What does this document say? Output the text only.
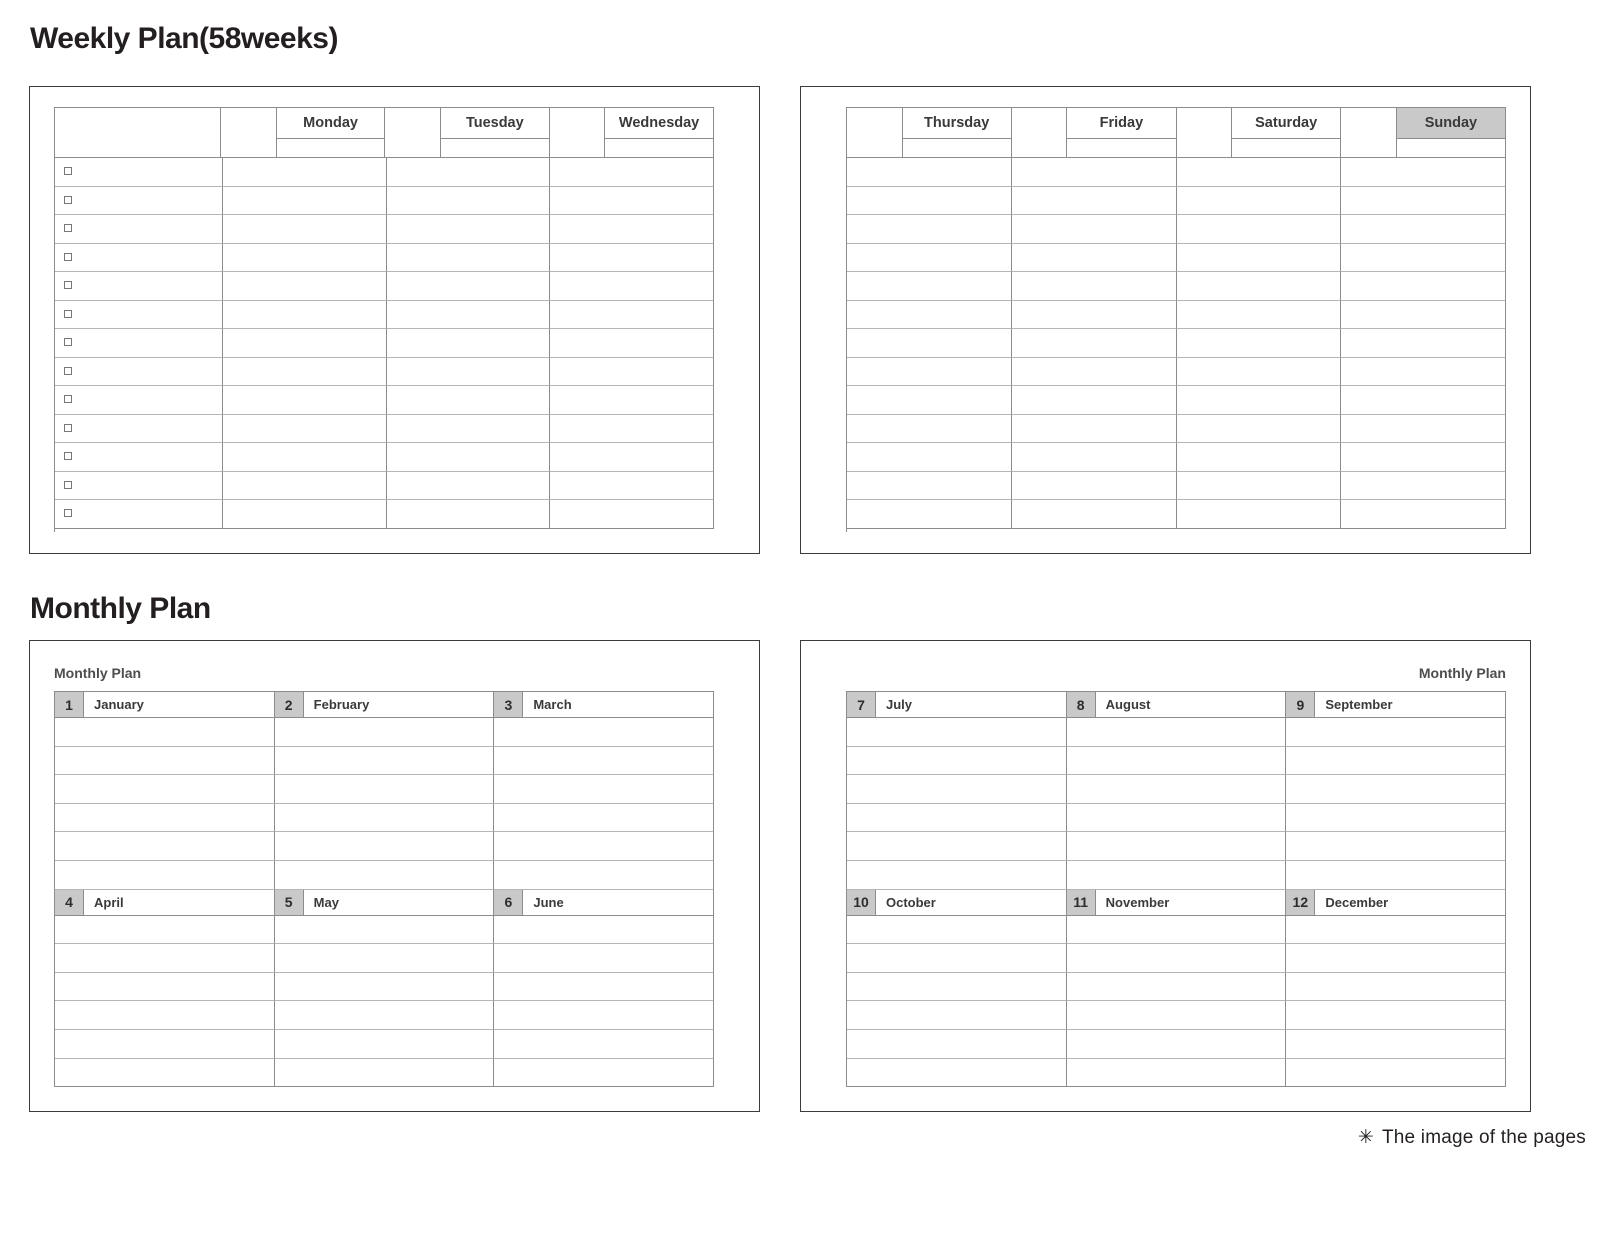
Weekly Plan(58weeks)
Monday	Tuesday	Wednesday	Thursday	Friday	Saturday	Sunday
Monthly Plan
Monthly Plan
1	January	2	February	3	March
4	April	5	May	6	June
Monthly Plan
7	July	8	August	9	September
10	October	11	November	12	December
✳ The image of the pages
